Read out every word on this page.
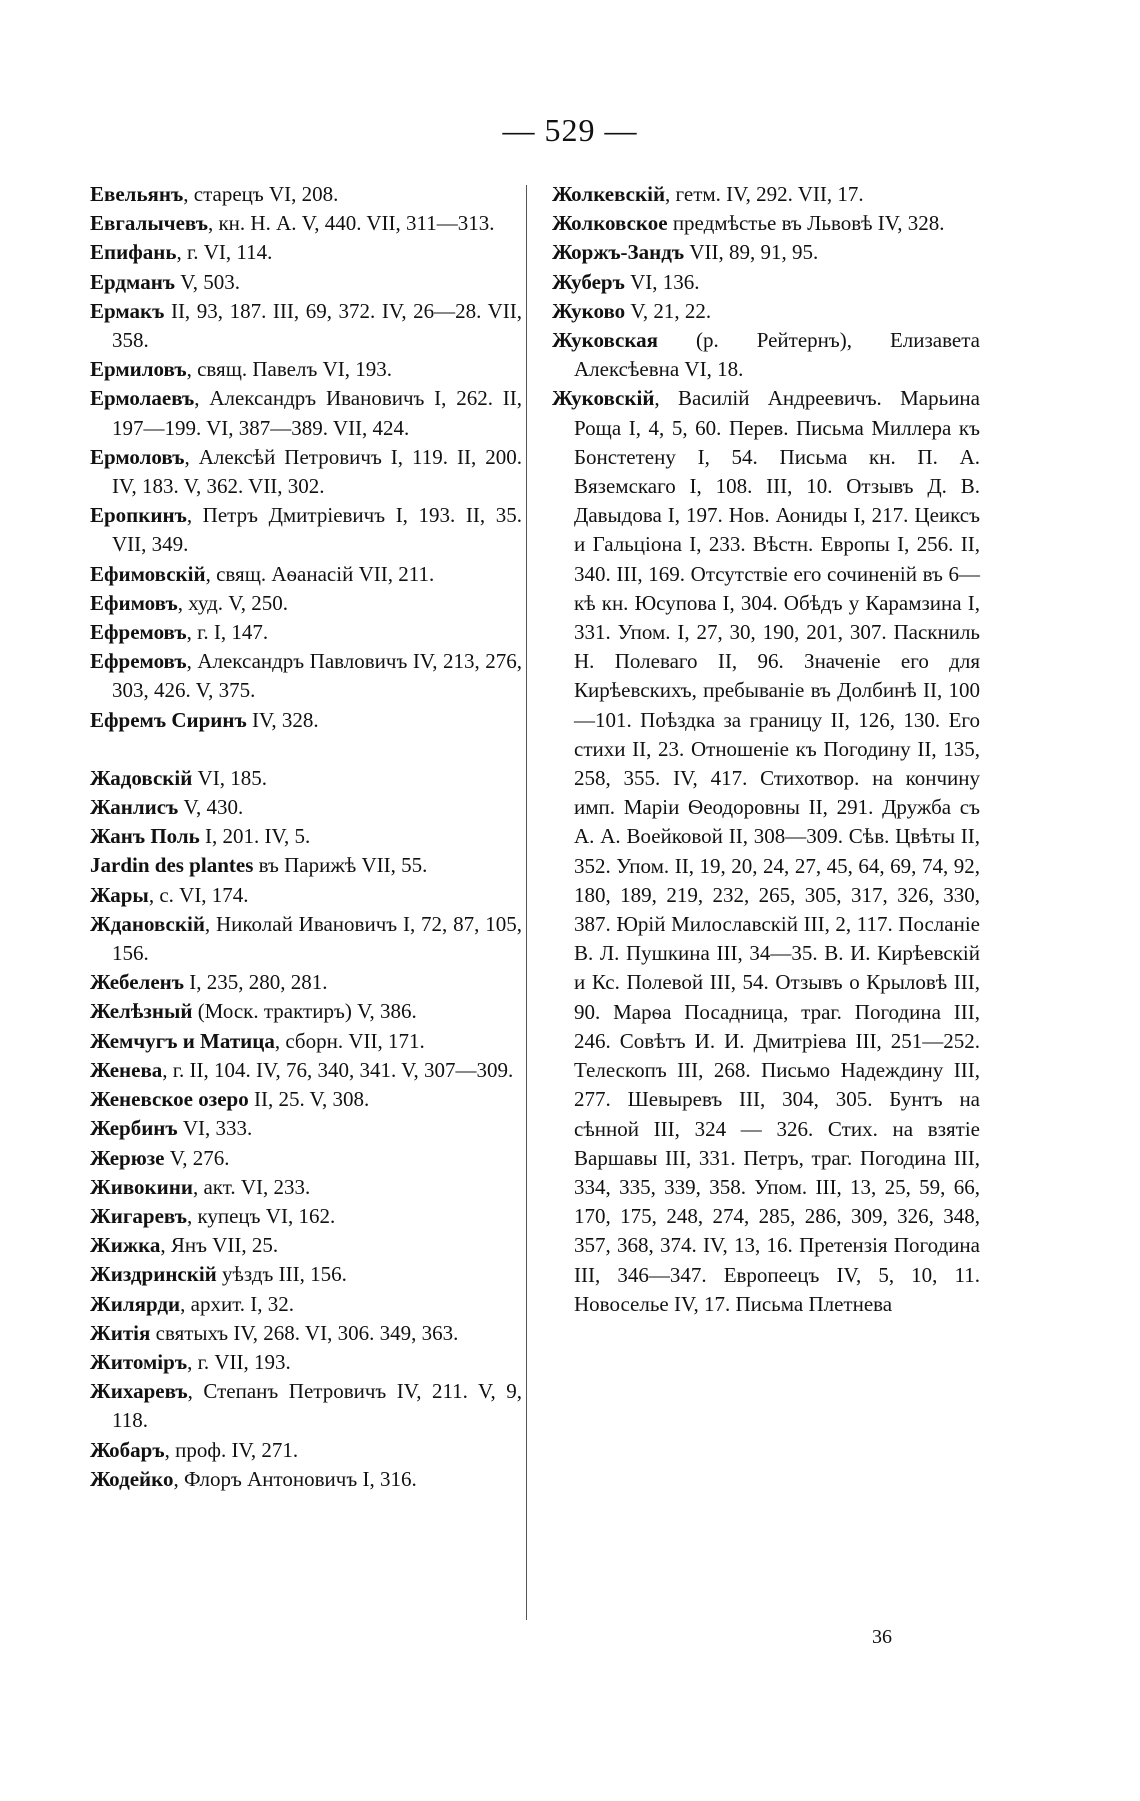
— 529 —
Евельянъ, старецъ VI, 208.
Евгалычевъ, кн. Н. А. V, 440. VII, 311—313.
Епифань, г. VI, 114.
Ердманъ V, 503.
Ермакъ II, 93, 187. III, 69, 372. IV, 26—28. VII, 358.
Ермиловъ, свящ. Павелъ VI, 193.
Ермолаевъ, Александръ Ивановичъ I, 262. II, 197—199. VI, 387—389. VII, 424.
Ермоловъ, Алексѣй Петровичъ I, 119. II, 200. IV, 183. V, 362. VII, 302.
Еропкинъ, Петръ Дмитріевичъ I, 193. II, 35. VII, 349.
Ефимовскій, свящ. Аѳанасій VII, 211.
Ефимовъ, худ. V, 250.
Ефремовъ, г. I, 147.
Ефремовъ, Александръ Павловичъ IV, 213, 276, 303, 426. V, 375.
Ефремъ Сиринъ IV, 328.
Жадовскій VI, 185.
Жанлисъ V, 430.
Жанъ Поль I, 201. IV, 5.
Jardin des plantes въ Парижѣ VII, 55.
Жары, с. VI, 174.
Ждановскій, Николай Ивановичъ I, 72, 87, 105, 156.
Жебеленъ I, 235, 280, 281.
Желѣзный (Моск. трактиръ) V, 386.
Жемчугъ и Матица, сборн. VII, 171.
Женева, г. II, 104. IV, 76, 340, 341. V, 307—309.
Женевское озеро II, 25. V, 308.
Жербинъ VI, 333.
Жерюзе V, 276.
Живокини, акт. VI, 233.
Жигаревъ, купецъ VI, 162.
Жижка, Янъ VII, 25.
Жиздринскій уѣздъ III, 156.
Жилярди, архит. I, 32.
Житія святыхъ IV, 268. VI, 306. 349, 363.
Житоміръ, г. VII, 193.
Жихаревъ, Степанъ Петровичъ IV, 211. V, 9, 118.
Жобаръ, проф. IV, 271.
Жодейко, Флоръ Антоновичъ I, 316.
Жолкевскій, гетм. IV, 292. VII, 17.
Жолковское предмѣстье въ Львовѣ IV, 328.
Жоржъ-Зандъ VII, 89, 91, 95.
Жуберъ VI, 136.
Жуково V, 21, 22.
Жуковская (р. Рейтернъ), Елизавета Алексѣевна VI, 18.
Жуковскій, Василій Андреевичъ. Марьина Роща I, 4, 5, 60. Перев. Письма Миллера къ Бонстетену I, 54. Письма кн. П. А. Вяземскаго I, 108. III, 10. Отзывъ Д. В. Давыдова I, 197. Нов. Аониды I, 217. Цеиксъ и Гальціона I, 233. Вѣстн. Европы I, 256. II, 340. III, 169. Отсутствіе его сочиненій въ 6—кѣ кн. Юсупова I, 304. Обѣдъ у Карамзина I, 331. Упом. I, 27, 30, 190, 201, 307. Паскниль Н. Полеваго II, 96. Значеніе его для Кирѣевскихъ, пребываніе въ Долбинѣ II, 100—101. Поѣздка за границу II, 126, 130. Его стихи II, 23. Отношеніе къ Погодину II, 135, 258, 355. IV, 417. Стихотвор. на кончину имп. Маріи Ѳеодоровны II, 291. Дружба съ А. А. Воейковой II, 308—309. Сѣв. Цвѣты II, 352. Упом. II, 19, 20, 24, 27, 45, 64, 69, 74, 92, 180, 189, 219, 232, 265, 305, 317, 326, 330, 387. Юрій Милославскій III, 2, 117. Посланіе В. Л. Пушкина III, 34—35. В. И. Кирѣевскій и Кс. Полевой III, 54. Отзывъ о Крыловѣ III, 90. Марѳа Посадница, траг. Погодина III, 246. Совѣтъ И. И. Дмитріева III, 251—252. Телескопъ III, 268. Письмо Надеждину III, 277. Шевыревъ III, 304, 305. Бунтъ на сѣнной III, 324 — 326. Стих. на взятіе Варшавы III, 331. Петръ, траг. Погодина III, 334, 335, 339, 358. Упом. III, 13, 25, 59, 66, 170, 175, 248, 274, 285, 286, 309, 326, 348, 357, 368, 374. IV, 13, 16. Претензія Погодина III, 346—347. Европеецъ IV, 5, 10, 11. Новоселье IV, 17. Письма Плетнева
36
